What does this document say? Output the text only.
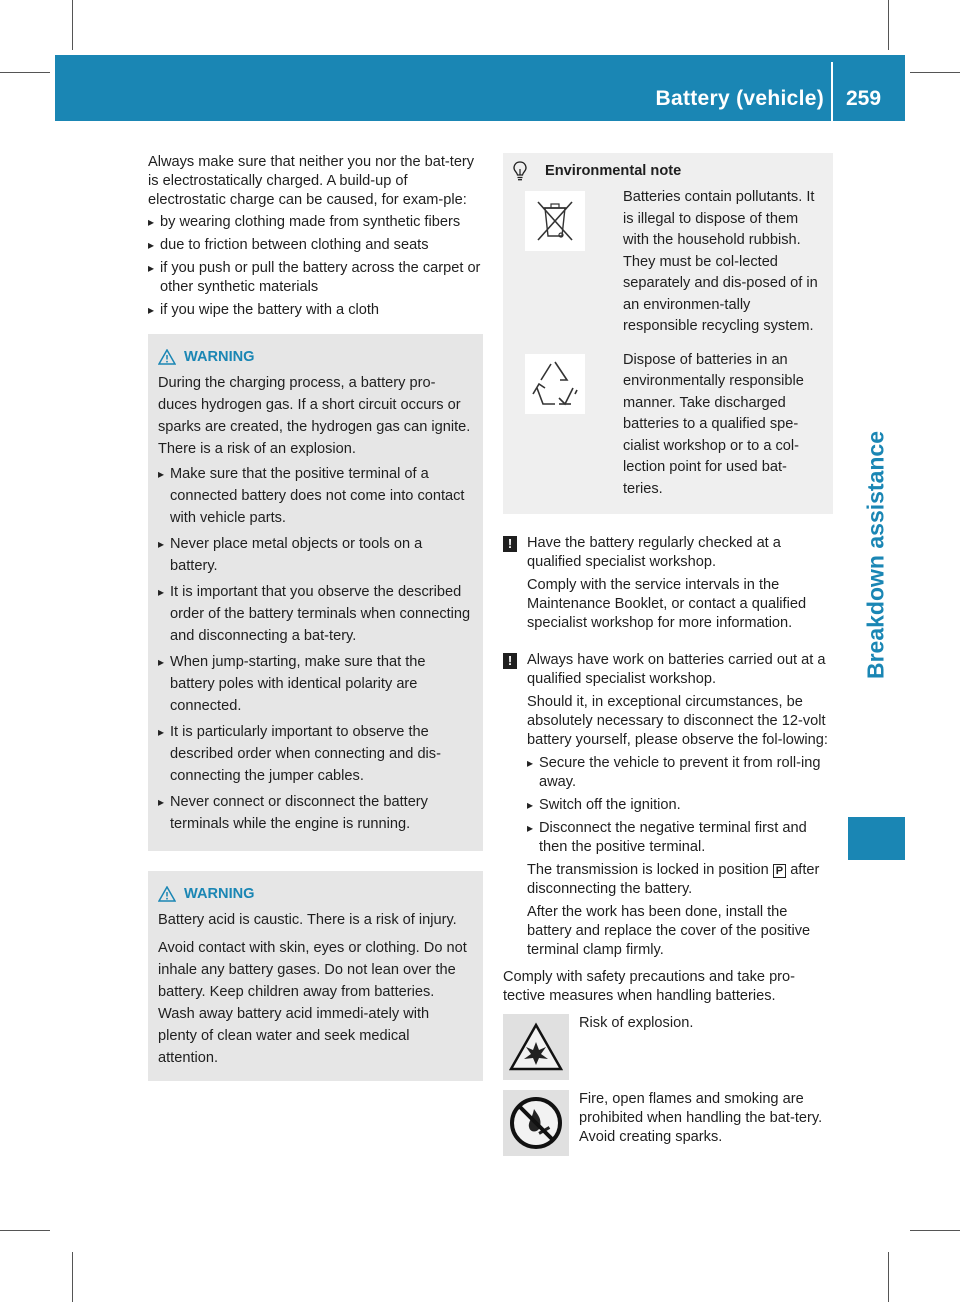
Battery (vehicle) 259
Breakdown assistance

Always make sure that neither you nor the bat-tery is electrostatically charged. A build-up of electrostatic charge can be caused, for exam-ple:

▸ by wearing clothing made from synthetic fibers
▸ due to friction between clothing and seats
▸ if you push or pull the battery across the carpet or other synthetic materials
▸ if you wipe the battery with a cloth
WARNING

During the charging process, a battery pro-duces hydrogen gas. If a short circuit occurs or sparks are created, the hydrogen gas can ignite. There is a risk of an explosion.

▸ Make sure that the positive terminal of a connected battery does not come into contact with vehicle parts.
▸ Never place metal objects or tools on a battery.
▸ It is important that you observe the described order of the battery terminals when connecting and disconnecting a bat-tery.
▸ When jump-starting, make sure that the battery poles with identical polarity are connected.
▸ It is particularly important to observe the described order when connecting and dis-connecting the jumper cables.
▸ Never connect or disconnect the battery terminals while the engine is running.
WARNING

Battery acid is caustic. There is a risk of injury.

Avoid contact with skin, eyes or clothing. Do not inhale any battery gases. Do not lean over the battery. Keep children away from batteries. Wash away battery acid immedi-ately with plenty of clean water and seek medical attention.

Environmental note
Batteries contain pollutants. It is illegal to dispose of them with the household rubbish. They must be col-lected separately and dis-posed of in an environmen-tally responsible recycling system.
Dispose of batteries in an environmentally responsible manner. Take discharged batteries to a qualified spe-cialist workshop or to a col-lection point for used bat-teries.
!	Have the battery regularly checked at a qualified specialist workshop.

Comply with the service intervals in the Maintenance Booklet, or contact a qualified specialist workshop for more information.

!	Always have work on batteries carried out at a qualified specialist workshop.

Should it, in exceptional circumstances, be absolutely necessary to disconnect the 12-volt battery yourself, please observe the fol-lowing:

▸ Secure the vehicle to prevent it from roll-ing away.
▸ Switch off the ignition.
▸ Disconnect the negative terminal first and then the positive terminal.

The transmission is locked in position P after disconnecting the battery.

After the work has been done, install the battery and replace the cover of the positive terminal clamp firmly.

Comply with safety precautions and take pro-tective measures when handling batteries.

Risk of explosion.
Fire, open flames and smoking are prohibited when handling the bat-tery. Avoid creating sparks.
